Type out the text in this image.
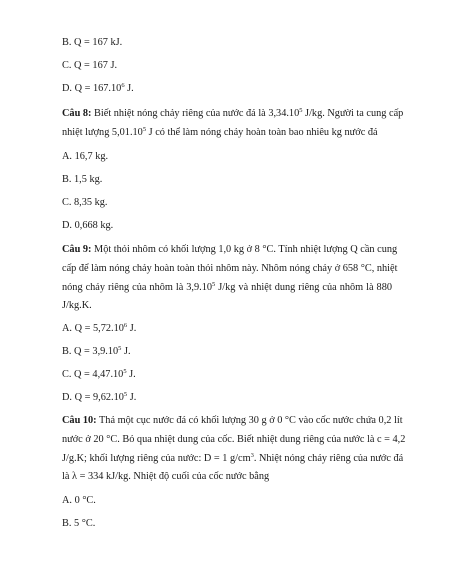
B. Q = 167 kJ.
C. Q = 167 J.
D. $Q = 167.10^6$ J.
Câu 8: Biết nhiệt nóng chảy riêng của nước đá là 3,34.10$^5$ J/kg. Người ta cung cấp
nhiệt lượng 5,01.10$^5$ J có thể làm nóng chảy hoàn toàn bao nhiêu kg nước đá
A. 16,7 kg.
B. 1,5 kg.
C. 8,35 kg.
D. 0,668 kg.
Câu 9: Một thỏi nhôm có khối lượng 1,0 kg ở 8 °C. Tính nhiệt lượng Q cần cung
cấp để làm nóng chảy hoàn toàn thỏi nhôm này. Nhôm nóng chảy ở 658 °C, nhiệt
nóng chảy riêng của nhôm là 3,9.10$^5$ J/kg và nhiệt dung riêng của nhôm là 880
J/kg.K.
A. $Q = 5,72.10^6$ J.
B. $Q = 3,9.10^5$ J.
C. $Q = 4,47.10^5$ J.
D. $Q = 9,62.10^5$ J.
Câu 10: Thả một cục nước đá có khối lượng 30 g ở 0 °C vào cốc nước chứa 0,2 lít
nước ở 20 °C. Bỏ qua nhiệt dung của cốc. Biết nhiệt dung riêng của nước là c = 4,2
J/g.K; khối lượng riêng của nước: D = 1 $g/cm^3$. Nhiệt nóng chảy riêng của nước đá
là λ = 334 kJ/kg. Nhiệt độ cuối của cốc nước bằng
A. 0 °C.
B. 5 °C.
